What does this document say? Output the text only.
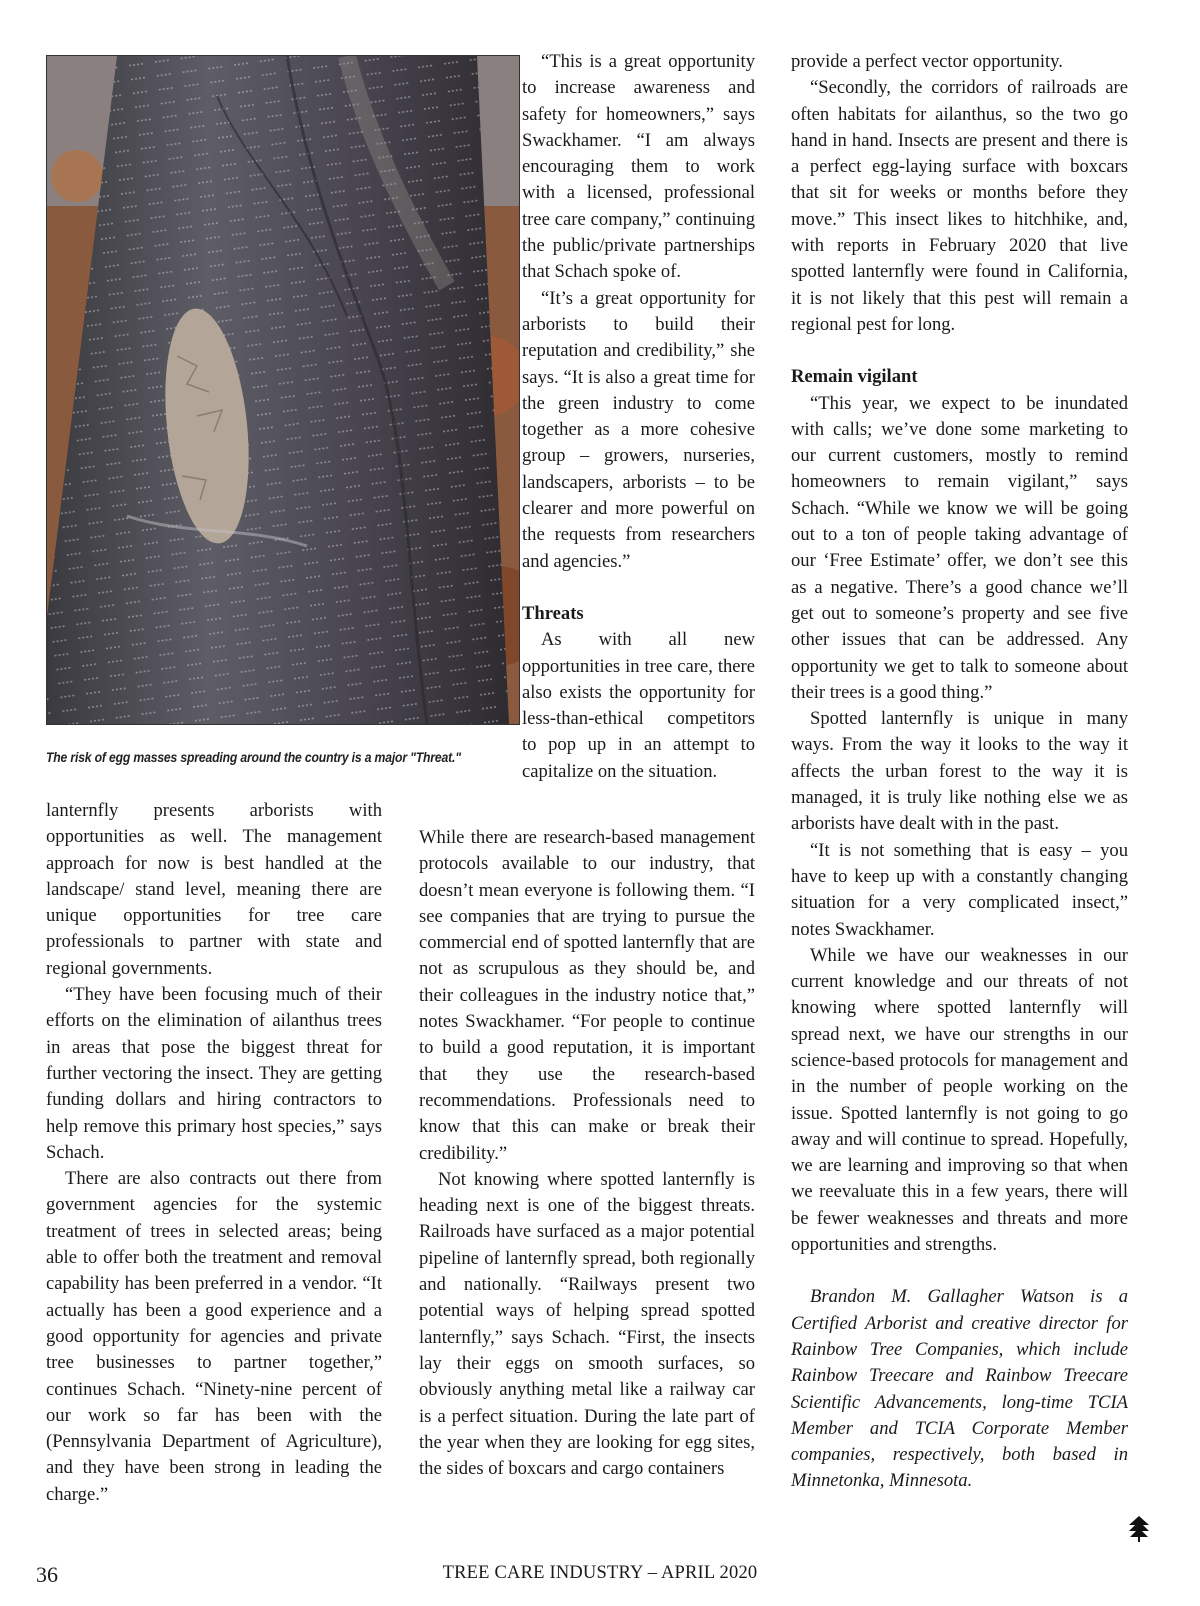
The risk of egg masses spreading around the country is a major "Threat."

lanternfly presents arborists with opportunities as well. The management approach for now is best handled at the landscape/ stand level, meaning there are unique opportunities for tree care professionals to partner with state and regional governments.

“They have been focusing much of their efforts on the elimination of ailanthus trees in areas that pose the biggest threat for further vectoring the insect. They are getting funding dollars and hiring contractors to help remove this primary host species,” says Schach.

There are also contracts out there from government agencies for the systemic treatment of trees in selected areas; being able to offer both the treatment and removal capability has been preferred in a vendor. “It actually has been a good experience and a good opportunity for agencies and private tree businesses to partner together,” continues Schach. “Ninety-nine percent of our work so far has been with the (Pennsylvania Department of Agriculture), and they have been strong in leading the charge.”

“This is a great opportunity to increase awareness and safety for homeowners,” says Swackhamer. “I am always encouraging them to work with a licensed, professional tree care company,” continuing the public/private partnerships that Schach spoke of.

“It’s a great opportunity for arborists to build their reputation and credibility,” she says. “It is also a great time for the green industry to come together as a more cohesive group – growers, nurseries, landscapers, arborists – to be clearer and more powerful on the requests from researchers and agencies.”

Threats

As with all new opportunities in tree care, there also exists the opportunity for less-than-ethical competitors to pop up in an attempt to capitalize on the situation.

While there are research-based management protocols available to our industry, that doesn’t mean everyone is following them. “I see companies that are trying to pursue the commercial end of spotted lanternfly that are not as scrupulous as they should be, and their colleagues in the industry notice that,” notes Swackhamer. “For people to continue to build a good reputation, it is important that they use the research-based recommendations. Professionals need to know that this can make or break their credibility.”

Not knowing where spotted lanternfly is heading next is one of the biggest threats. Railroads have surfaced as a major potential pipeline of lanternfly spread, both regionally and nationally. “Railways present two potential ways of helping spread spotted lanternfly,” says Schach. “First, the insects lay their eggs on smooth surfaces, so obviously anything metal like a railway car is a perfect situation. During the late part of the year when they are looking for egg sites, the sides of boxcars and cargo containers

provide a perfect vector opportunity.

“Secondly, the corridors of railroads are often habitats for ailanthus, so the two go hand in hand. Insects are present and there is a perfect egg-laying surface with boxcars that sit for weeks or months before they move.” This insect likes to hitchhike, and, with reports in February 2020 that live spotted lanternfly were found in California, it is not likely that this pest will remain a regional pest for long.

Remain vigilant

“This year, we expect to be inundated with calls; we’ve done some marketing to our current customers, mostly to remind homeowners to remain vigilant,” says Schach. “While we know we will be going out to a ton of people taking advantage of our ‘Free Estimate’ offer, we don’t see this as a negative. There’s a good chance we’ll get out to someone’s property and see five other issues that can be addressed. Any opportunity we get to talk to someone about their trees is a good thing.”

Spotted lanternfly is unique in many ways. From the way it looks to the way it affects the urban forest to the way it is managed, it is truly like nothing else we as arborists have dealt with in the past.

“It is not something that is easy – you have to keep up with a constantly changing situation for a very complicated insect,” notes Swackhamer.

While we have our weaknesses in our current knowledge and our threats of not knowing where spotted lanternfly will spread next, we have our strengths in our science-based protocols for management and in the number of people working on the issue. Spotted lanternfly is not going to go away and will continue to spread. Hopefully, we are learning and improving so that when we reevaluate this in a few years, there will be fewer weaknesses and threats and more opportunities and strengths.

Brandon M. Gallagher Watson is a Certified Arborist and creative director for Rainbow Tree Companies, which include Rainbow Treecare and Rainbow Treecare Scientific Advancements, long-time TCIA Member and TCIA Corporate Member companies, respectively, both based in Minnetonka, Minnesota.

36	TREE CARE INDUSTRY – APRIL 2020
